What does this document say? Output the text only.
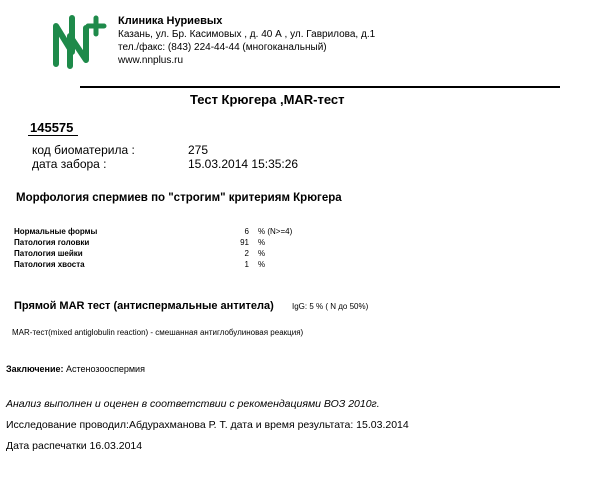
Клиника Нуриевых
Казань, ул. Бр. Касимовых , д. 40 А , ул. Гаврилова, д.1
тел./факс: (843) 224-44-44 (многоканальный)
www.nnplus.ru
Тест Крюгера ,MAR-тест
145575
код биоматерила :	275
дата забора :	15.03.2014 15:35:26
Морфология спермиев по "строгим" критериям Крюгера
Нормальные формы	6 % (N>=4)
Патология головки	91 %
Патология шейки	2 %
Патология хвоста	1 %
Прямой MAR тест (антиспермальные антитела) IgG: 5 % ( N до 50%)
MAR-тест(mixed antiglobulin reaction) - смешанная антиглобулиновая реакция)
Заключение: Астенозооспермия
Анализ выполнен и оценен в соответствии с рекомендациями ВОЗ 2010г.
Исследование проводил:Абдурахманова Р. Т. дата и время результата: 15.03.2014
Дата распечатки 16.03.2014
